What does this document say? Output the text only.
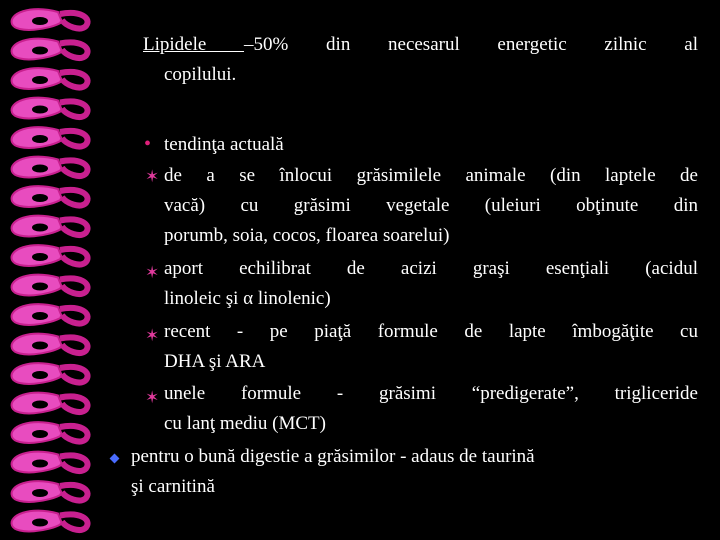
Lipidele –50% din necesarul energetic zilnic al
copilului.
• tendinţa actuală
✶ de a se înlocui grăsimilele animale (din laptele de
vacă) cu grăsimi vegetale (uleiuri obţinute din
porumb, soia, cocos, floarea soarelui)
✶ aport echilibrat de acizi graşi esenţiali (acidul
linoleic şi α linolenic)
✶ recent - pe piaţă formule de lapte îmbogăţite cu
DHA şi ARA
✶ unele formule - grăsimi “predigerate”, trigliceride
cu lanţ mediu (MCT)
pentru o bună digestie a grăsimilor - adaus de taurină
şi carnitină
